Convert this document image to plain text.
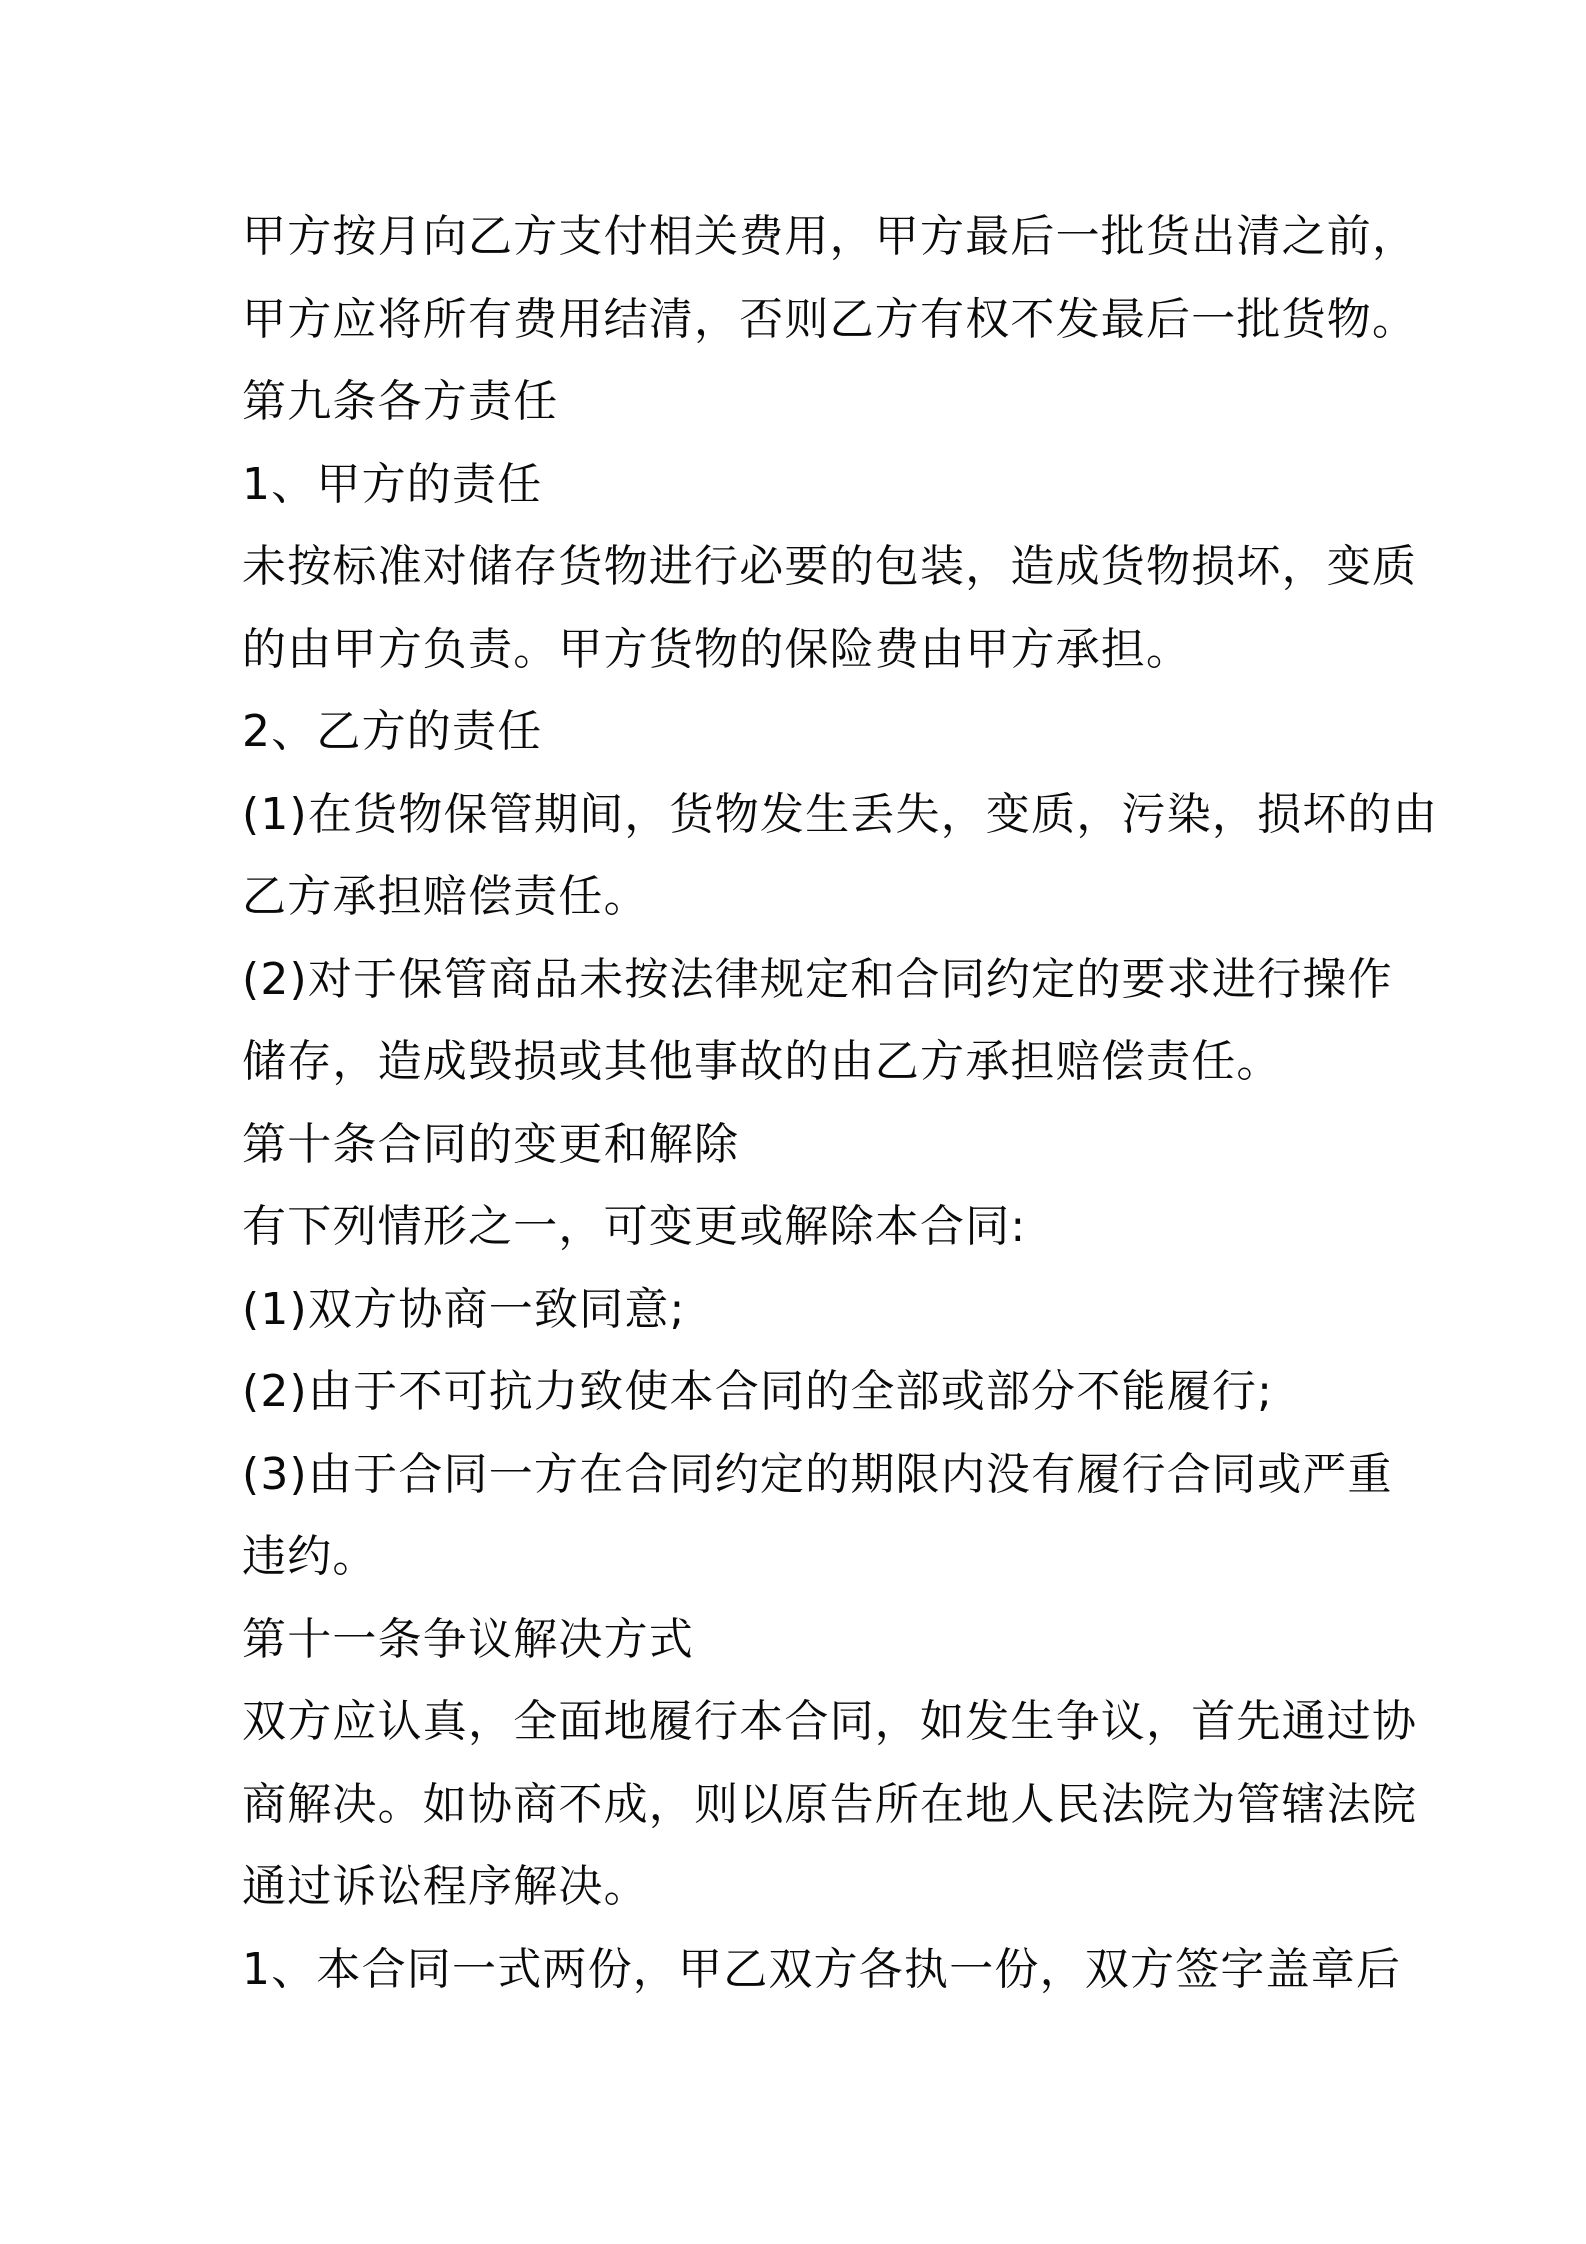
甲方按月向乙方支付相关费用，甲方最后一批货出清之前，
甲方应将所有费用结清，否则乙方有权不发最后一批货物。
第九条各方责任
1、甲方的责任
未按标准对储存货物进行必要的包装，造成货物损坏，变质
的由甲方负责。甲方货物的保险费由甲方承担。
2、乙方的责任
(1)在货物保管期间，货物发生丢失，变质，污染，损坏的由
乙方承担赔偿责任。
(2)对于保管商品未按法律规定和合同约定的要求进行操作
储存，造成毁损或其他事故的由乙方承担赔偿责任。
第十条合同的变更和解除
有下列情形之一，可变更或解除本合同:
(1)双方协商一致同意;
(2)由于不可抗力致使本合同的全部或部分不能履行;
(3)由于合同一方在合同约定的期限内没有履行合同或严重
违约。
第十一条争议解决方式
双方应认真，全面地履行本合同，如发生争议，首先通过协
商解决。如协商不成，则以原告所在地人民法院为管辖法院
通过诉讼程序解决。
1、本合同一式两份，甲乙双方各执一份，双方签字盖章后
